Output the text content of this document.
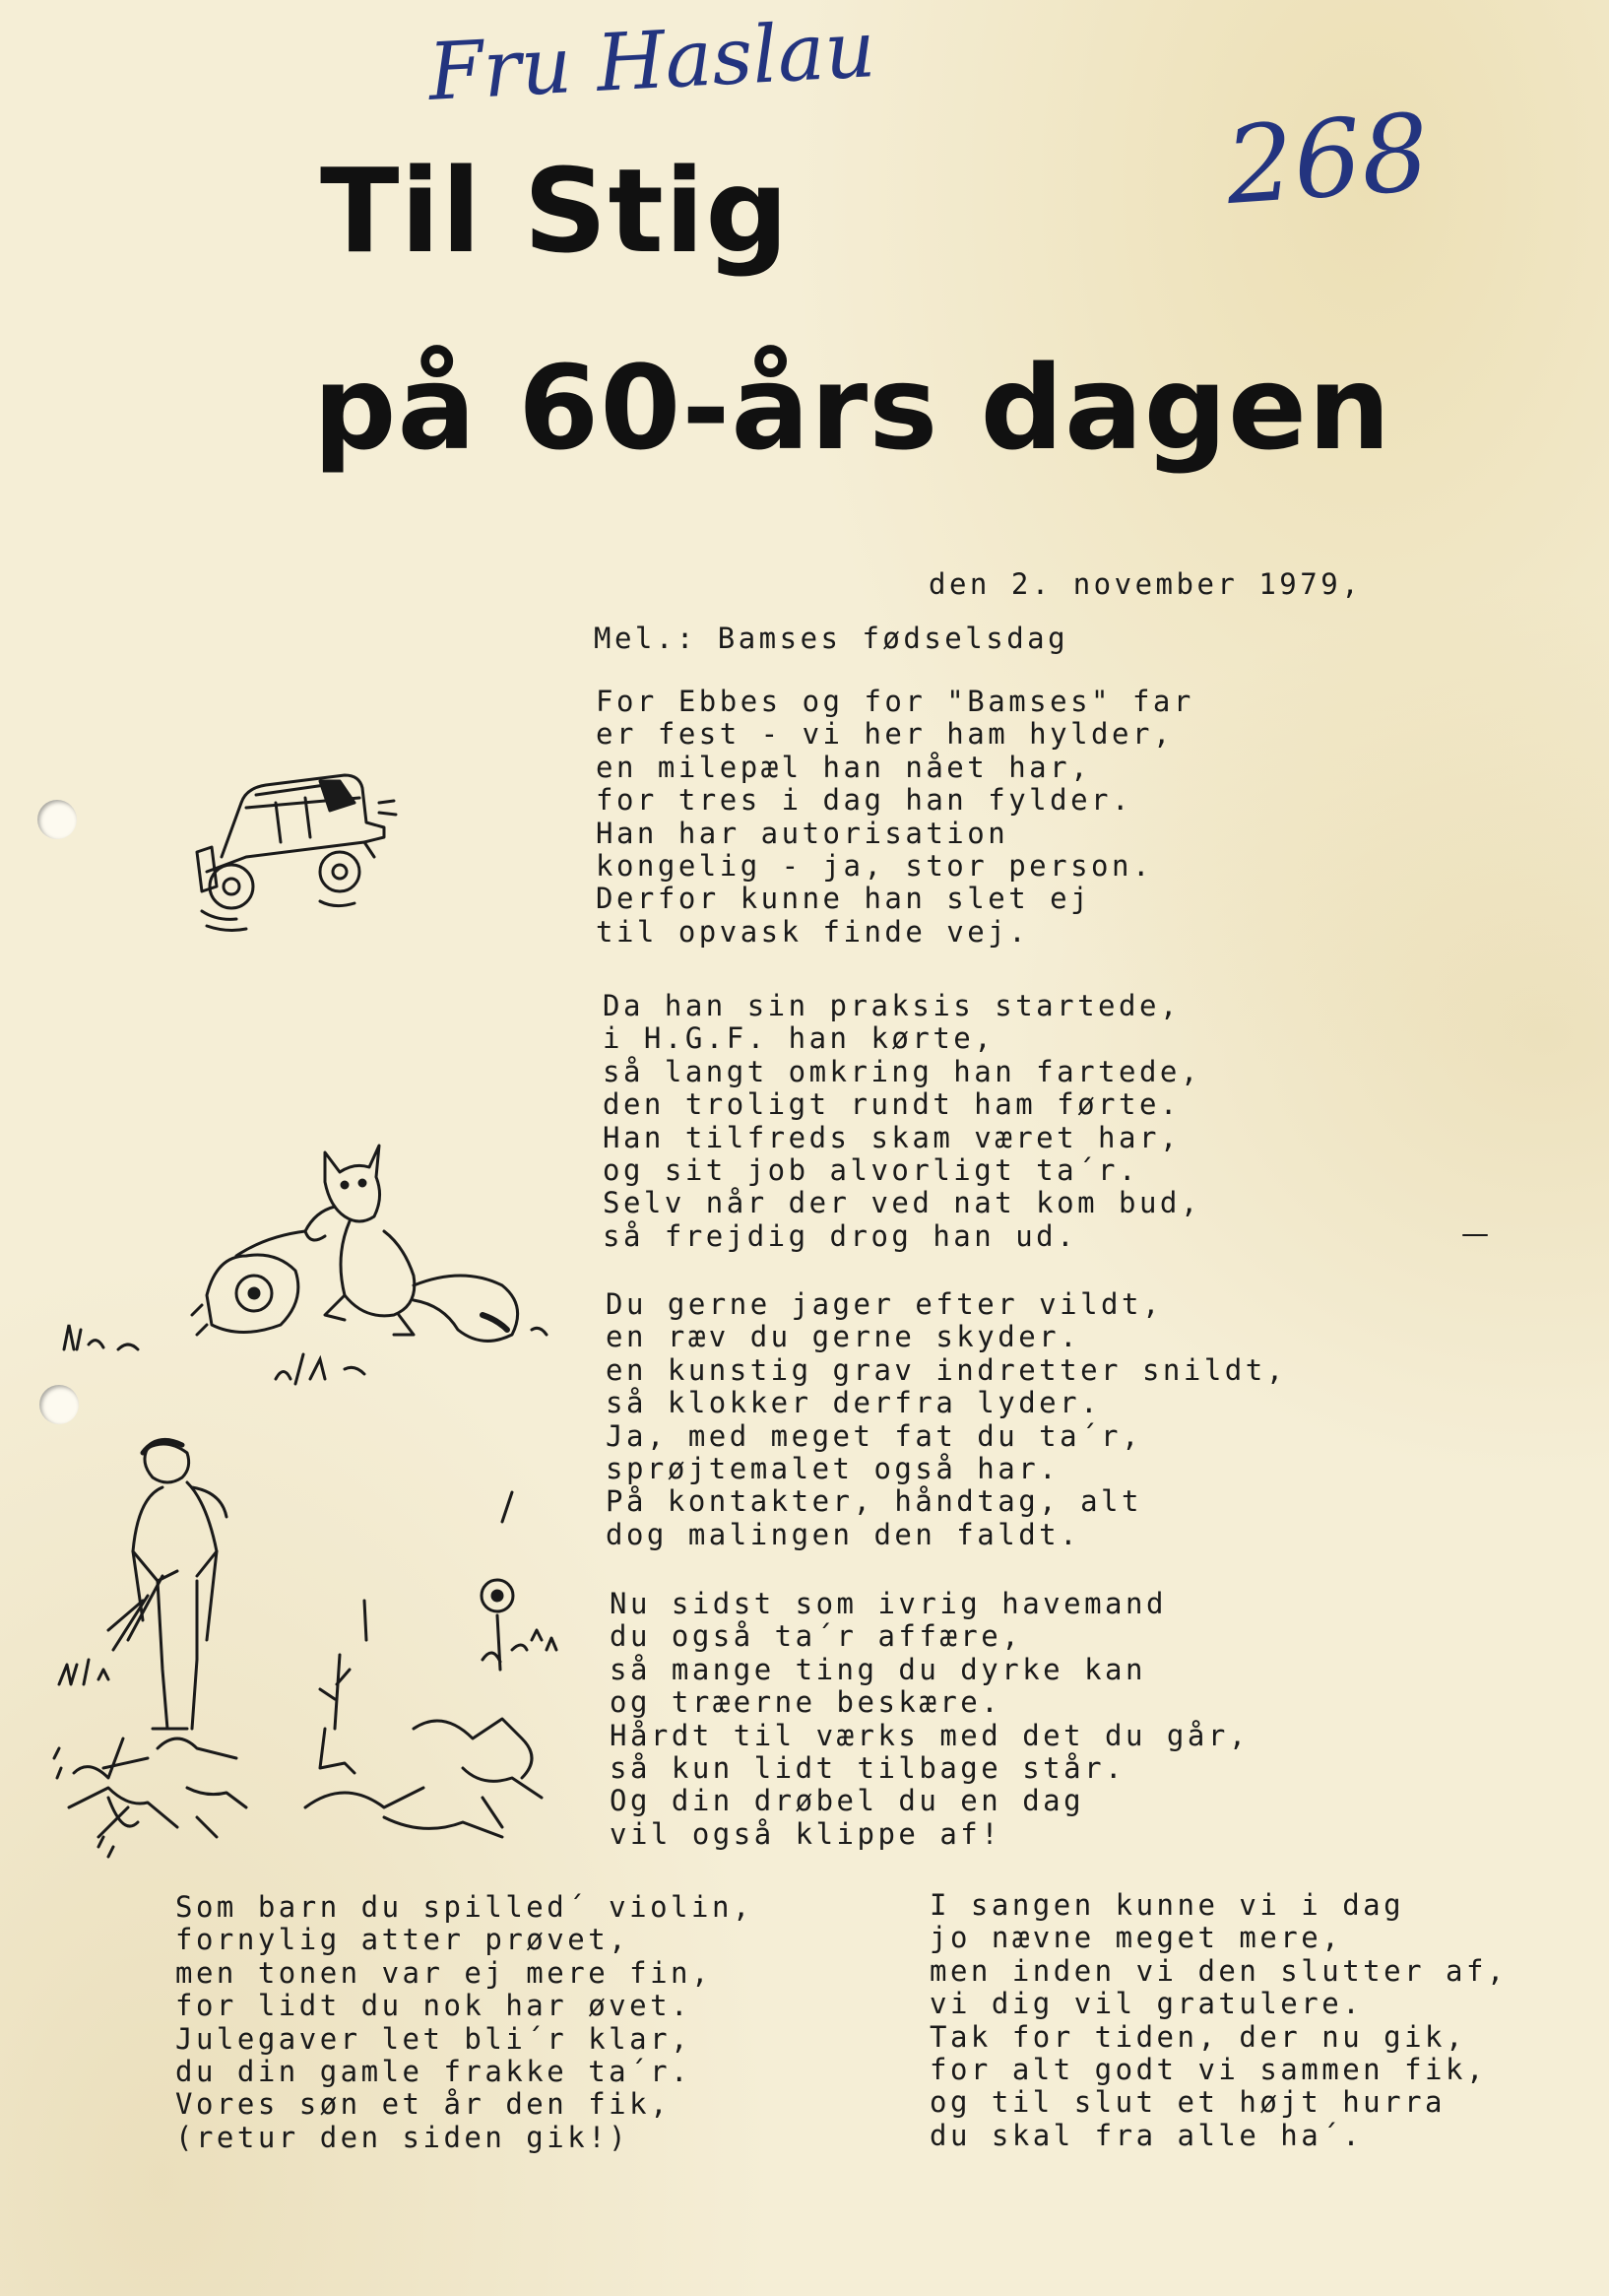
Fru Haslau
268
Til Stig
på 60-års dagen
den 2. november 1979,
Mel.: Bamses fødselsdag
For Ebbes og for "Bamses" far
er fest - vi her ham hylder,
en milepæl han nået har,
for tres i dag han fylder.
Han har autorisation
kongelig - ja, stor person.
Derfor kunne han slet ej
til opvask finde vej.
Da han sin praksis startede,
i H.G.F. han kørte,
så langt omkring han fartede,
den troligt rundt ham førte.
Han tilfreds skam været har,
og sit job alvorligt ta´r.
Selv når der ved nat kom bud,
så frejdig drog han ud.
Du gerne jager efter vildt,
en ræv du gerne skyder.
en kunstig grav indretter snildt,
så klokker derfra lyder.
Ja, med meget fat du ta´r,
sprøjtemalet også har.
På kontakter, håndtag, alt
dog malingen den faldt.
Nu sidst som ivrig havemand
du også ta´r affære,
så mange ting du dyrke kan
og træerne beskære.
Hårdt til værks med det du går,
så kun lidt tilbage står.
Og din drøbel du en dag
vil også klippe af!
Som barn du spilled´ violin,
fornylig atter prøvet,
men tonen var ej mere fin,
for lidt du nok har øvet.
Julegaver let bli´r klar,
du din gamle frakke ta´r.
Vores søn et år den fik,
(retur den siden gik!)
I sangen kunne vi i dag
jo nævne meget mere,
men inden vi den slutter af,
vi dig vil gratulere.
Tak for tiden, der nu gik,
for alt godt vi sammen fik,
og til slut et højt hurra
du skal fra alle ha´.
